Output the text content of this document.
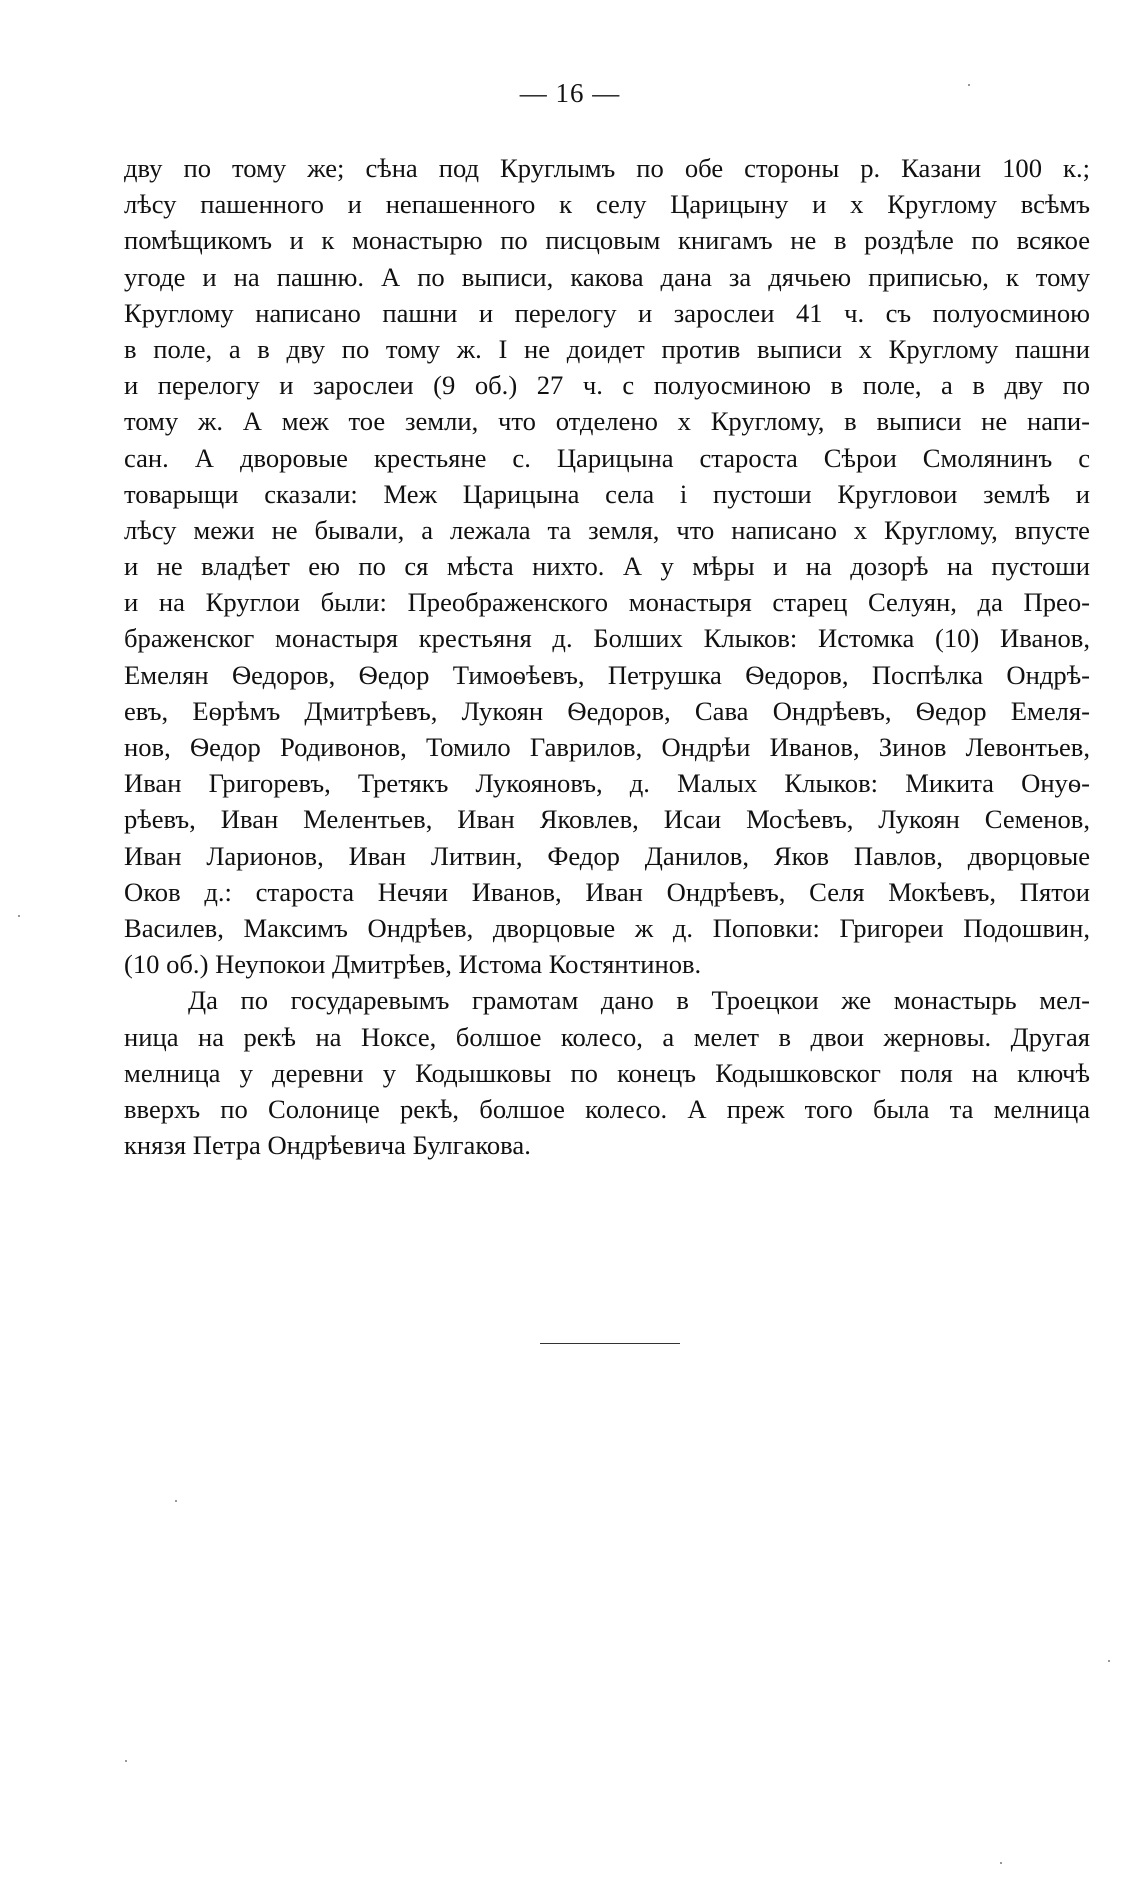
— 16 —
дву по тому же; сѣна под Круглымъ по обе стороны р. Казани 100 к.;
лѣсу пашенного и непашенного к селу Царицыну и х Круглому всѣмъ
помѣщикомъ и к монастырю по писцовым книгамъ не в роздѣле по всякое
угоде и на пашню. А по выписи, какова дана за дячьею приписью, к тому
Круглому написано пашни и перелогу и зарослеи 41 ч. съ полуосминою
в поле, а в дву по тому ж. І не доидет против выписи х Круглому пашни
и перелогу и зарослеи (9 об.) 27 ч. с полуосминою в поле, а в дву по
тому ж. А меж тое земли, что отделено х Круглому, в выписи не напи-
сан. А дворовые крестьяне с. Царицына староста Сѣрои Смолянинъ с
товарыщи сказали: Меж Царицына села і пустоши Кругловои землѣ и
лѣсу межи не бывали, а лежала та земля, что написано х Круглому, впусте
и не владѣет ею по ся мѣста нихто. А у мѣры и на дозорѣ на пустоши
и на Круглои были: Преображенского монастыря старец Селуян, да Прео-
браженског монастыря крестьяня д. Болших Клыков: Истомка (10) Иванов,
Емелян Ѳедоров, Ѳедор Тимоѳѣевъ, Петрушка Ѳедоров, Поспѣлка Ондрѣ-
евъ, Еѳрѣмъ Дмитрѣевъ, Лукоян Ѳедоров, Сава Ондрѣевъ, Ѳедор Емеля-
нов, Ѳедор Родивонов, Томило Гаврилов, Ондрѣи Иванов, Зинов Левонтьев,
Иван Григоревъ, Третякъ Лукояновъ, д. Малых Клыков: Микита Онуѳ-
рѣевъ, Иван Мелентьев, Иван Яковлев, Исаи Мосѣевъ, Лукоян Семенов,
Иван Ларионов, Иван Литвин, Федор Данилов, Яков Павлов, дворцовые
Оков д.: староста Нечяи Иванов, Иван Ондрѣевъ, Селя Мокѣевъ, Пятои
Василев, Максимъ Ондрѣев, дворцовые ж д. Поповки: Григореи Подошвин,
(10 об.) Неупокои Дмитрѣев, Истома Костянтинов.
Да по государевымъ грамотам дано в Троецкои же монастырь мел-
ница на рекѣ на Ноксе, болшое колесо, а мелет в двои жерновы. Другая
мелница у деревни у Кодышковы по конецъ Кодышковског поля на ключѣ
вверхъ по Солонице рекѣ, болшое колесо. А преж того была та мелница
князя Петра Ондрѣевича Булгакова.
